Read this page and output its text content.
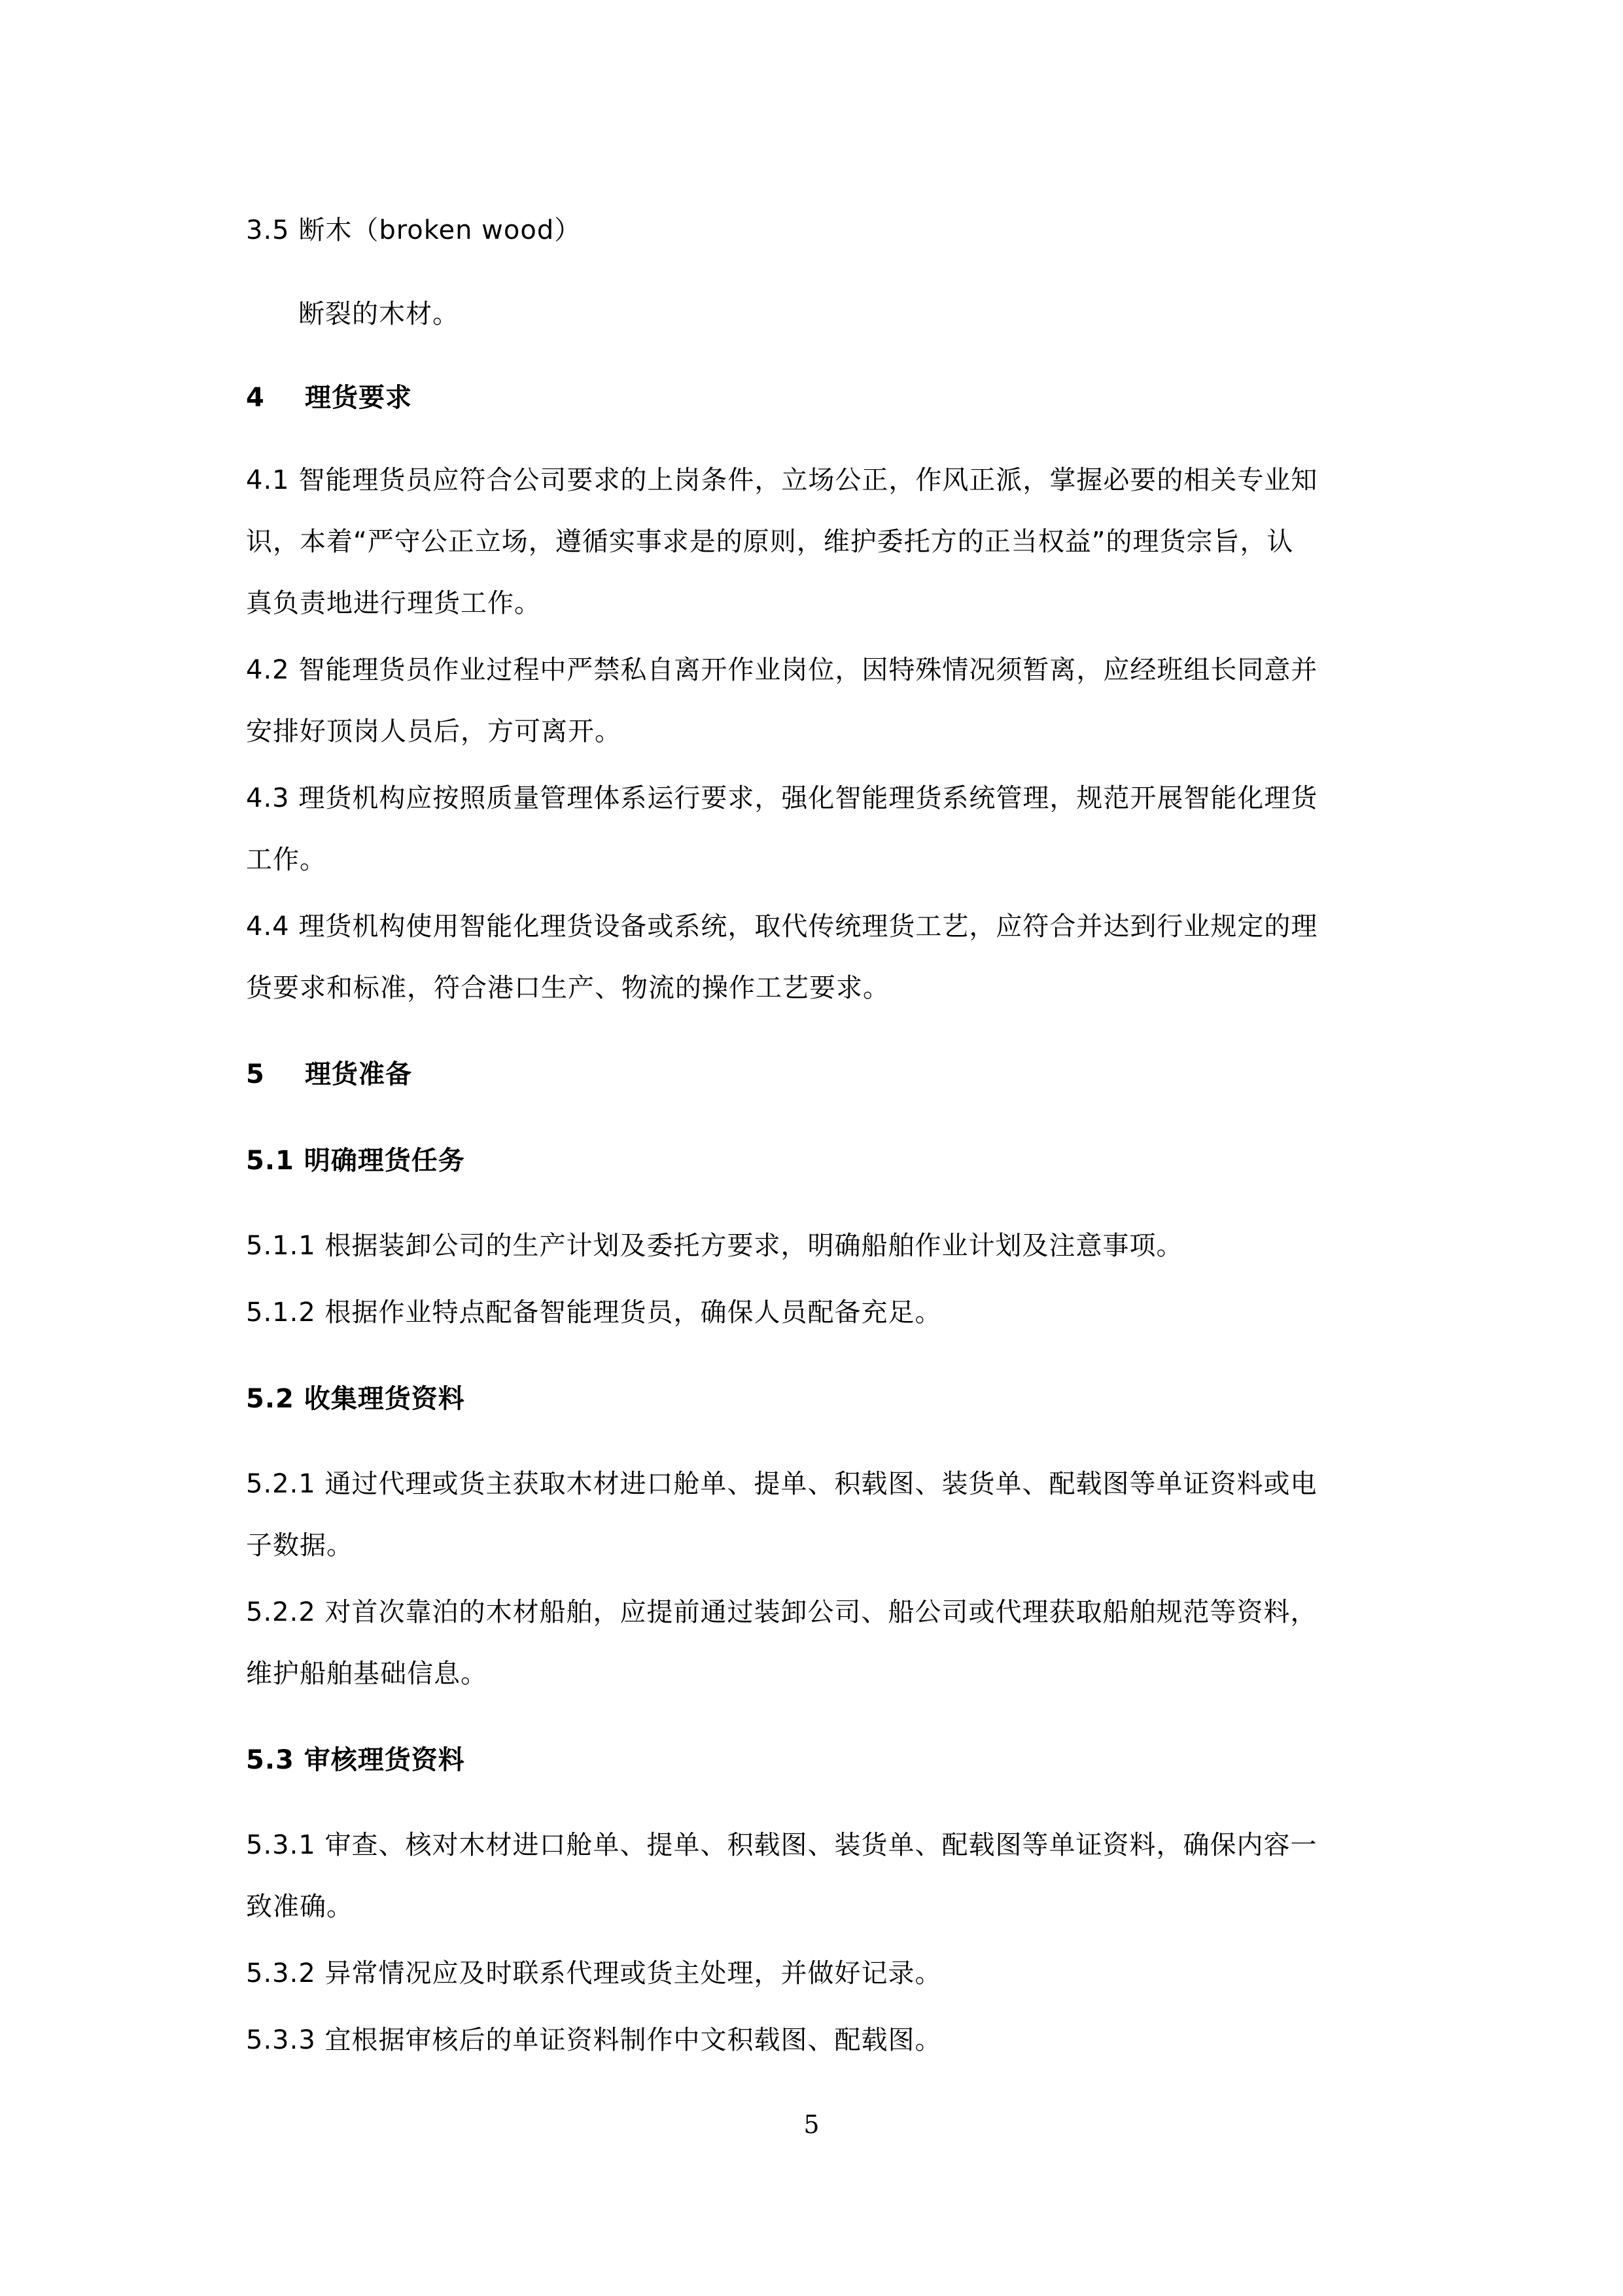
3.5 断木（broken wood）
断裂的木材。
4 理货要求
4.1 智能理货员应符合公司要求的上岗条件，立场公正，作风正派，掌握必要的相关专业知
识，本着“严守公正立场，遵循实事求是的原则，维护委托方的正当权益”的理货宗旨，认
真负责地进行理货工作。
4.2 智能理货员作业过程中严禁私自离开作业岗位，因特殊情况须暂离，应经班组长同意并
安排好顶岗人员后，方可离开。
4.3 理货机构应按照质量管理体系运行要求，强化智能理货系统管理，规范开展智能化理货
工作。
4.4 理货机构使用智能化理货设备或系统，取代传统理货工艺，应符合并达到行业规定的理
货要求和标准，符合港口生产、物流的操作工艺要求。
5 理货准备
5.1 明确理货任务
5.1.1 根据装卸公司的生产计划及委托方要求，明确船舶作业计划及注意事项。
5.1.2 根据作业特点配备智能理货员，确保人员配备充足。
5.2 收集理货资料
5.2.1 通过代理或货主获取木材进口舱单、提单、积载图、装货单、配载图等单证资料或电
子数据。
5.2.2 对首次靠泊的木材船舶，应提前通过装卸公司、船公司或代理获取船舶规范等资料，
维护船舶基础信息。
5.3 审核理货资料
5.3.1 审查、核对木材进口舱单、提单、积载图、装货单、配载图等单证资料，确保内容一
致准确。
5.3.2 异常情况应及时联系代理或货主处理，并做好记录。
5.3.3 宜根据审核后的单证资料制作中文积载图、配载图。
5
